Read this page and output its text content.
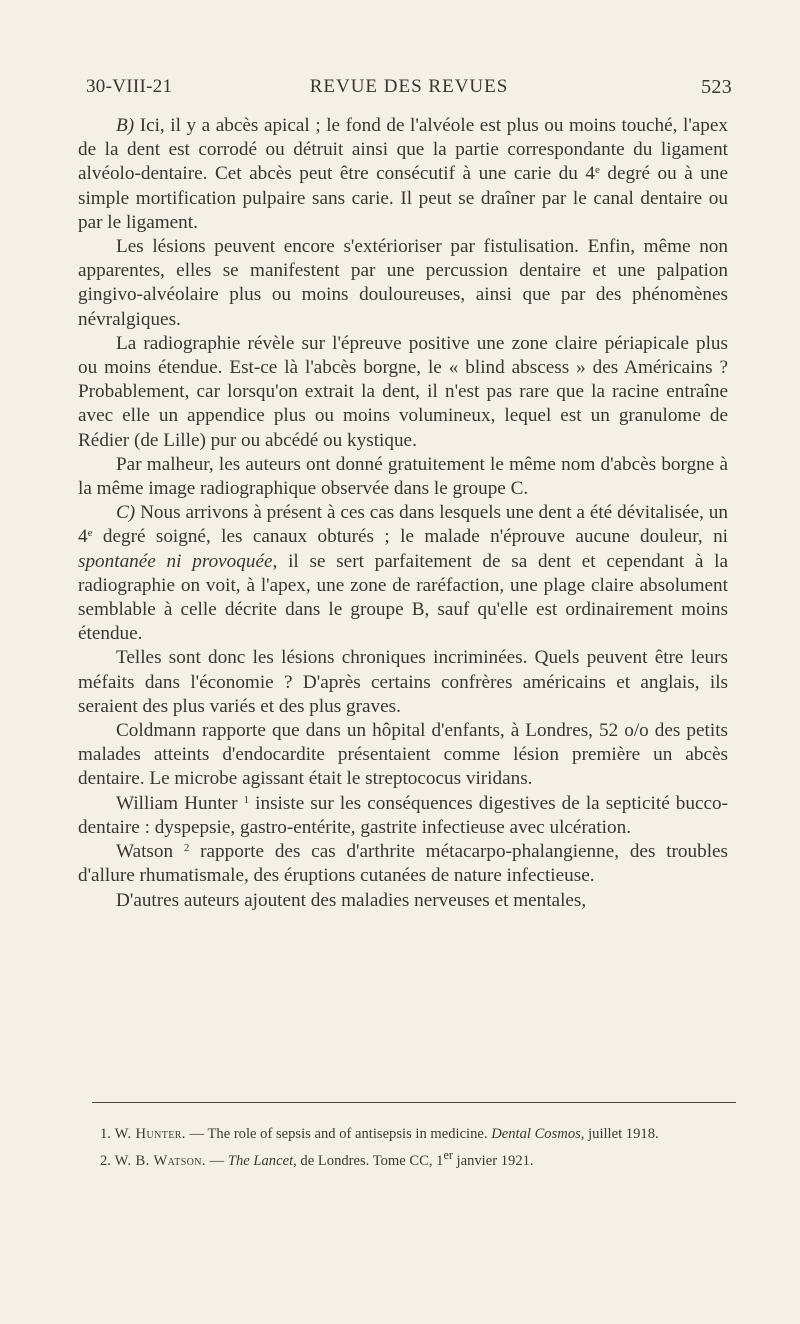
30-VIII-21	REVUE DES REVUES	523

B) Ici, il y a abcès apical ; le fond de l'alvéole est plus ou moins touché, l'apex de la dent est corrodé ou détruit ainsi que la partie correspondante du ligament alvéolo-dentaire. Cet abcès peut être consécutif à une carie du 4e degré ou à une simple mortification pulpaire sans carie. Il peut se draîner par le canal dentaire ou par le ligament.

Les lésions peuvent encore s'extérioriser par fistulisation. Enfin, même non apparentes, elles se manifestent par une percussion dentaire et une palpation gingivo-alvéolaire plus ou moins douloureuses, ainsi que par des phénomènes névralgiques.

La radiographie révèle sur l'épreuve positive une zone claire périapicale plus ou moins étendue. Est-ce là l'abcès borgne, le « blind abscess » des Américains ? Probablement, car lorsqu'on extrait la dent, il n'est pas rare que la racine entraîne avec elle un appendice plus ou moins volumineux, lequel est un granulome de Rédier (de Lille) pur ou abcédé ou kystique.

Par malheur, les auteurs ont donné gratuitement le même nom d'abcès borgne à la même image radiographique observée dans le groupe C.

C) Nous arrivons à présent à ces cas dans lesquels une dent a été dévitalisée, un 4e degré soigné, les canaux obturés ; le malade n'éprouve aucune douleur, ni spontanée ni provoquée, il se sert parfaitement de sa dent et cependant à la radiographie on voit, à l'apex, une zone de raréfaction, une plage claire absolument semblable à celle décrite dans le groupe B, sauf qu'elle est ordinairement moins étendue.

Telles sont donc les lésions chroniques incriminées. Quels peuvent être leurs méfaits dans l'économie ? D'après certains confrères américains et anglais, ils seraient des plus variés et des plus graves.

Coldmann rapporte que dans un hôpital d'enfants, à Londres, 52 o/o des petits malades atteints d'endocardite présentaient comme lésion première un abcès dentaire. Le microbe agissant était le streptococus viridans.

William Hunter $^1$ insiste sur les conséquences digestives de la septicité bucco-dentaire : dyspepsie, gastro-entérite, gastrite infectieuse avec ulcération.

Watson $^2$ rapporte des cas d'arthrite métacarpo-phalangienne, des troubles d'allure rhumatismale, des éruptions cutanées de nature infectieuse.

D'autres auteurs ajoutent des maladies nerveuses et mentales,

1. W. Hunter. — The role of sepsis and of antisepsis in medicine. Dental Cosmos, juillet 1918.

2. W. B. Watson. — The Lancet, de Londres. Tome CC, 1er janvier 1921.
